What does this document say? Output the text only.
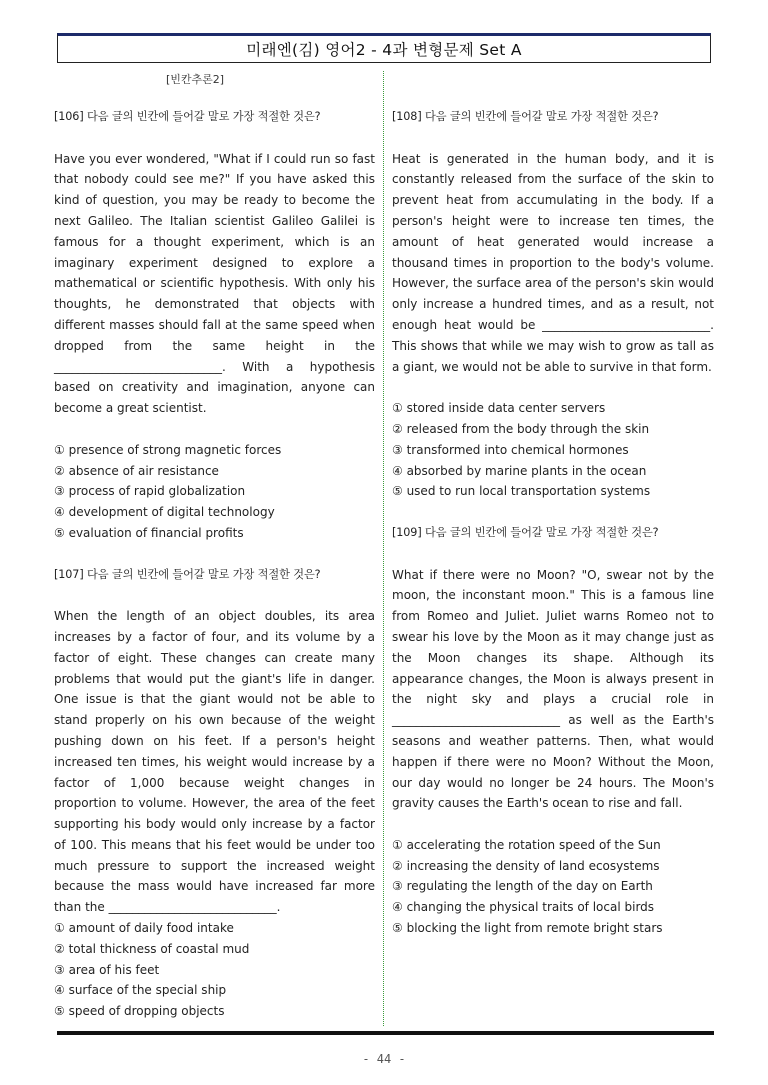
미래엔(김) 영어2 - 4과 변형문제 Set A
[빈칸추론2]

[106] 다음 글의 빈칸에 들어갈 말로 가장 적절한 것은?

Have you ever wondered, "What if I could run so fast that nobody could see me?" If you have asked this kind of question, you may be ready to become the next Galileo. The Italian scientist Galileo Galilei is famous for a thought experiment, which is an imaginary experiment designed to explore a mathematical or scientific hypothesis. With only his thoughts, he demonstrated that objects with different masses should fall at the same speed when dropped from the same height in the ____________________________. With a hypothesis based on creativity and imagination, anyone can become a great scientist.

① presence of strong magnetic forces
② absence of air resistance
③ process of rapid globalization
④ development of digital technology
⑤ evaluation of financial profits

[107] 다음 글의 빈칸에 들어갈 말로 가장 적절한 것은?

When the length of an object doubles, its area increases by a factor of four, and its volume by a factor of eight. These changes can create many problems that would put the giant's life in danger. One issue is that the giant would not be able to stand properly on his own because of the weight pushing down on his feet. If a person's height increased ten times, his weight would increase by a factor of 1,000 because weight changes in proportion to volume. However, the area of the feet supporting his body would only increase by a factor of 100. This means that his feet would be under too much pressure to support the increased weight because the mass would have increased far more than the ____________________________.

① amount of daily food intake
② total thickness of coastal mud
③ area of his feet
④ surface of the special ship
⑤ speed of dropping objects

[108] 다음 글의 빈칸에 들어갈 말로 가장 적절한 것은?

Heat is generated in the human body, and it is constantly released from the surface of the skin to prevent heat from accumulating in the body. If a person's height were to increase ten times, the amount of heat generated would increase a thousand times in proportion to the body's volume. However, the surface area of the person's skin would only increase a hundred times, and as a result, not enough heat would be ____________________________. This shows that while we may wish to grow as tall as a giant, we would not be able to survive in that form.

① stored inside data center servers
② released from the body through the skin
③ transformed into chemical hormones
④ absorbed by marine plants in the ocean
⑤ used to run local transportation systems

[109] 다음 글의 빈칸에 들어갈 말로 가장 적절한 것은?

What if there were no Moon? "O, swear not by the moon, the inconstant moon." This is a famous line from Romeo and Juliet. Juliet warns Romeo not to swear his love by the Moon as it may change just as the Moon changes its shape. Although its appearance changes, the Moon is always present in the night sky and plays a crucial role in ____________________________ as well as the Earth's seasons and weather patterns. Then, what would happen if there were no Moon? Without the Moon, our day would no longer be 24 hours. The Moon's gravity causes the Earth's ocean to rise and fall.

① accelerating the rotation speed of the Sun
② increasing the density of land ecosystems
③ regulating the length of the day on Earth
④ changing the physical traits of local birds
⑤ blocking the light from remote bright stars
- 44 -
